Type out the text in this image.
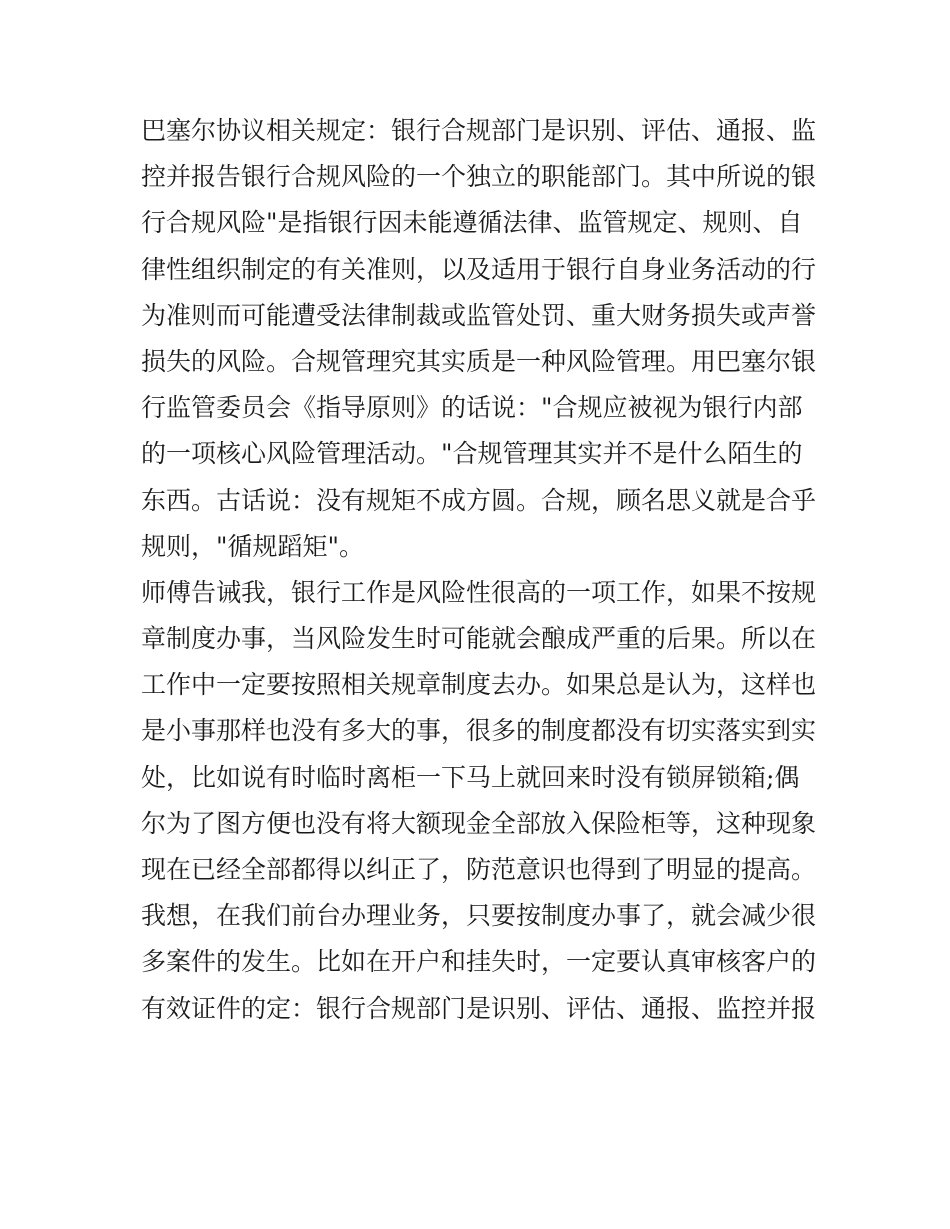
巴塞尔协议相关规定：银行合规部门是识别、评估、通报、监
控并报告银行合规风险的一个独立的职能部门。其中所说的银
行合规风险"是指银行因未能遵循法律、监管规定、规则、自
律性组织制定的有关准则，以及适用于银行自身业务活动的行
为准则而可能遭受法律制裁或监管处罚、重大财务损失或声誉
损失的风险。合规管理究其实质是一种风险管理。用巴塞尔银
行监管委员会《指导原则》的话说："合规应被视为银行内部
的一项核心风险管理活动。"合规管理其实并不是什么陌生的
东西。古话说：没有规矩不成方圆。合规，顾名思义就是合乎
规则，"循规蹈矩"。
师傅告诫我，银行工作是风险性很高的一项工作，如果不按规
章制度办事，当风险发生时可能就会酿成严重的后果。所以在
工作中一定要按照相关规章制度去办。如果总是认为，这样也
是小事那样也没有多大的事，很多的制度都没有切实落实到实
处，比如说有时临时离柜一下马上就回来时没有锁屏锁箱;偶
尔为了图方便也没有将大额现金全部放入保险柜等，这种现象
现在已经全部都得以纠正了，防范意识也得到了明显的提高。
我想，在我们前台办理业务，只要按制度办事了，就会减少很
多案件的发生。比如在开户和挂失时，一定要认真审核客户的
有效证件的定：银行合规部门是识别、评估、通报、监控并报
